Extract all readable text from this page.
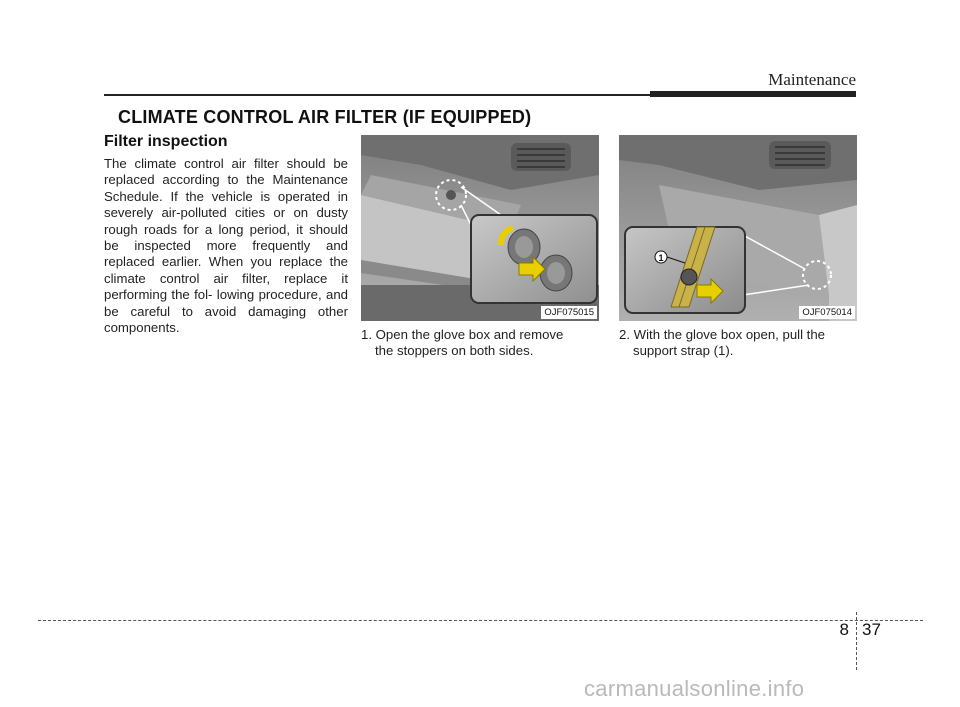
Maintenance
CLIMATE CONTROL AIR FILTER (IF EQUIPPED)
Filter inspection
The climate control air filter should be replaced according to the Maintenance Schedule. If the vehicle is operated in severely air-polluted cities or on dusty rough roads for a long period, it should be inspected more frequently and replaced earlier. When you replace the climate control air filter, replace it performing the fol- lowing procedure, and be careful to avoid damaging other components.
OJF075015
1
OJF075014
1. Open the glove box and remove
the stoppers on both sides.
2. With the glove box open, pull the
support strap (1).
8 37
carmanualsonline.info
